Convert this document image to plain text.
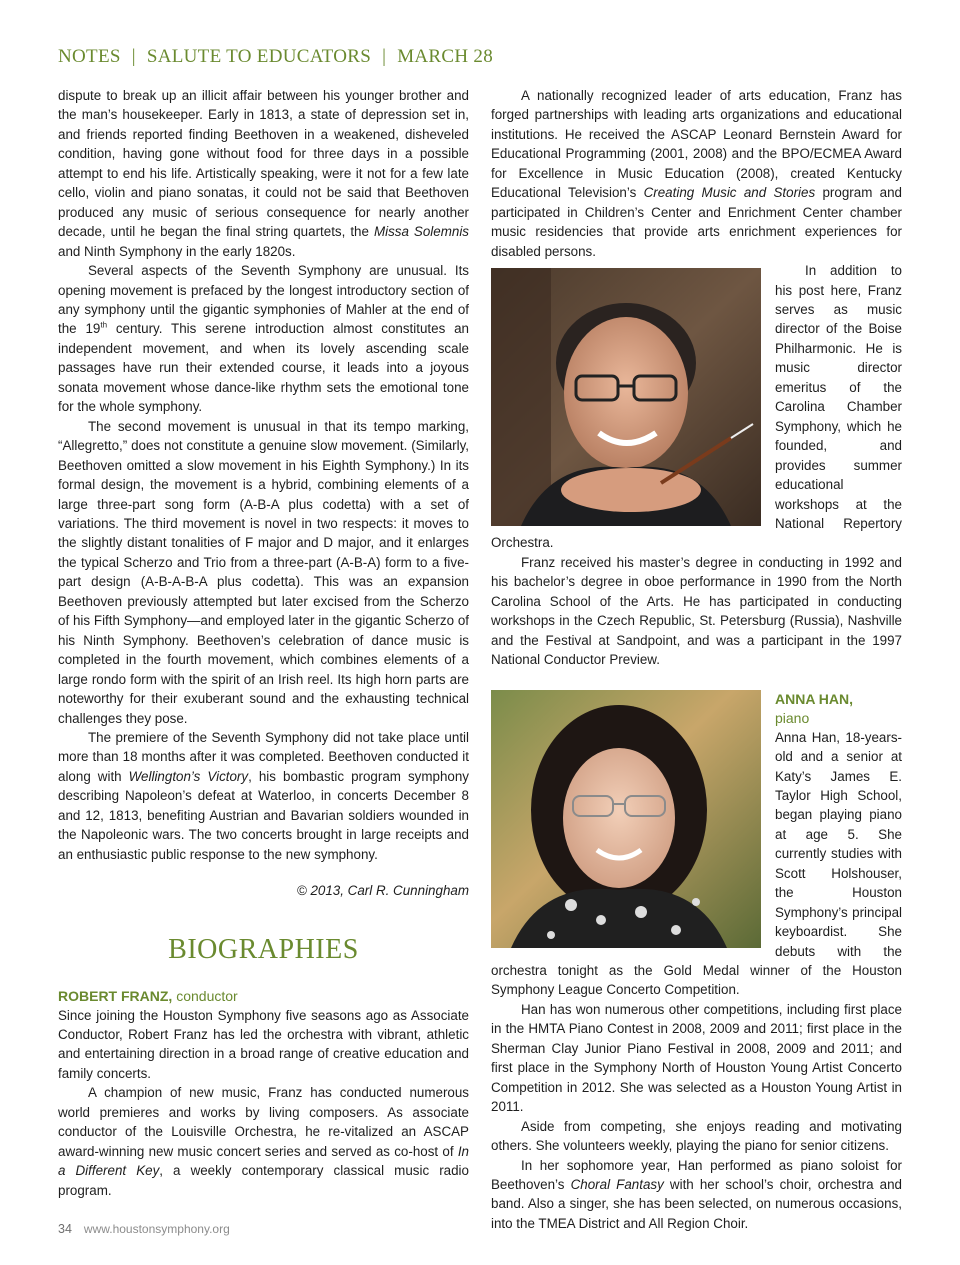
NOTES | SALUTE TO EDUCATORS | MARCH 28

dispute to break up an illicit affair between his younger brother and the man’s housekeeper. Early in 1813, a state of depression set in, and friends reported finding Beethoven in a weakened, disheveled condition, having gone without food for three days in a possible attempt to end his life. Artistically speaking, were it not for a few late cello, violin and piano sonatas, it could not be said that Beethoven produced any music of serious consequence for nearly another decade, until he began the final string quartets, the Missa Solemnis and Ninth Symphony in the early 1820s.

Several aspects of the Seventh Symphony are unusual. Its opening movement is prefaced by the longest introductory section of any symphony until the gigantic symphonies of Mahler at the end of the 19th century. This serene introduction almost constitutes an independent movement, and when its lovely ascending scale passages have run their extended course, it leads into a joyous sonata movement whose dance-like rhythm sets the emotional tone for the whole symphony.

The second movement is unusual in that its tempo marking, “Allegretto,” does not constitute a genuine slow movement. (Similarly, Beethoven omitted a slow movement in his Eighth Symphony.) In its formal design, the movement is a hybrid, combining elements of a large three-part song form (A-B-A plus codetta) with a set of variations. The third movement is novel in two respects: it moves to the slightly distant tonalities of F major and D major, and it enlarges the typical Scherzo and Trio from a three-part (A-B-A) form to a five-part design (A-B-A-B-A plus codetta). This was an expansion Beethoven previously attempted but later excised from the Scherzo of his Fifth Symphony—and employed later in the gigantic Scherzo of his Ninth Symphony. Beethoven’s celebration of dance music is completed in the fourth movement, which combines elements of a large rondo form with the spirit of an Irish reel. Its high horn parts are noteworthy for their exuberant sound and the exhausting technical challenges they pose.

The premiere of the Seventh Symphony did not take place until more than 18 months after it was completed. Beethoven conducted it along with Wellington’s Victory, his bombastic program symphony describing Napoleon’s defeat at Waterloo, in concerts December 8 and 12, 1813, benefiting Austrian and Bavarian soldiers wounded in the Napoleonic wars. The two concerts brought in large receipts and an enthusiastic public response to the new symphony.

© 2013, Carl R. Cunningham

BIOGRAPHIES

ROBERT FRANZ, conductor

Since joining the Houston Symphony five seasons ago as Associate Conductor, Robert Franz has led the orchestra with vibrant, athletic and entertaining direction in a broad range of creative education and family concerts.

A champion of new music, Franz has conducted numerous world premieres and works by living composers. As associate conductor of the Louisville Orchestra, he re-vitalized an ASCAP award-winning new music concert series and served as co-host of In a Different Key, a weekly contemporary classical music radio program.

A nationally recognized leader of arts education, Franz has forged partnerships with leading arts organizations and educational institutions. He received the ASCAP Leonard Bernstein Award for Educational Programming (2001, 2008) and the BPO/ECMEA Award for Excellence in Music Education (2008), created Kentucky Educational Television’s Creating Music and Stories program and participated in Children’s Center and Enrichment Center chamber music residencies that provide arts enrichment experiences for disabled persons.

In addition to his post here, Franz serves as music director of the Boise Philharmonic. He is music director emeritus of the Carolina Chamber Symphony, which he founded, and provides summer educational workshops at the National Repertory Orchestra.

Franz received his master’s degree in conducting in 1992 and his bachelor’s degree in oboe performance in 1990 from the North Carolina School of the Arts. He has participated in conducting workshops in the Czech Republic, St. Petersburg (Russia), Nashville and the Festival at Sandpoint, and was a participant in the 1997 National Conductor Preview.

ANNA HAN,

piano

Anna Han, 18-years-old and a senior at Katy’s James E. Taylor High School, began playing piano at age 5. She currently studies with Scott Holshouser, the Houston Symphony’s principal keyboardist. She debuts with the orchestra tonight as the Gold Medal winner of the Houston Symphony League Concerto Competition.

Han has won numerous other competitions, including first place in the HMTA Piano Contest in 2008, 2009 and 2011; first place in the Sherman Clay Junior Piano Festival in 2008, 2009 and 2011; and first place in the Symphony North of Houston Young Artist Concerto Competition in 2012. She was selected as a Houston Young Artist in 2011.

Aside from competing, she enjoys reading and motivating others. She volunteers weekly, playing the piano for senior citizens.

In her sophomore year, Han performed as piano soloist for Beethoven’s Choral Fantasy with her school’s choir, orchestra and band. Also a singer, she has been selected, on numerous occasions, into the TMEA District and All Region Choir.

34 www.houstonsymphony.org
